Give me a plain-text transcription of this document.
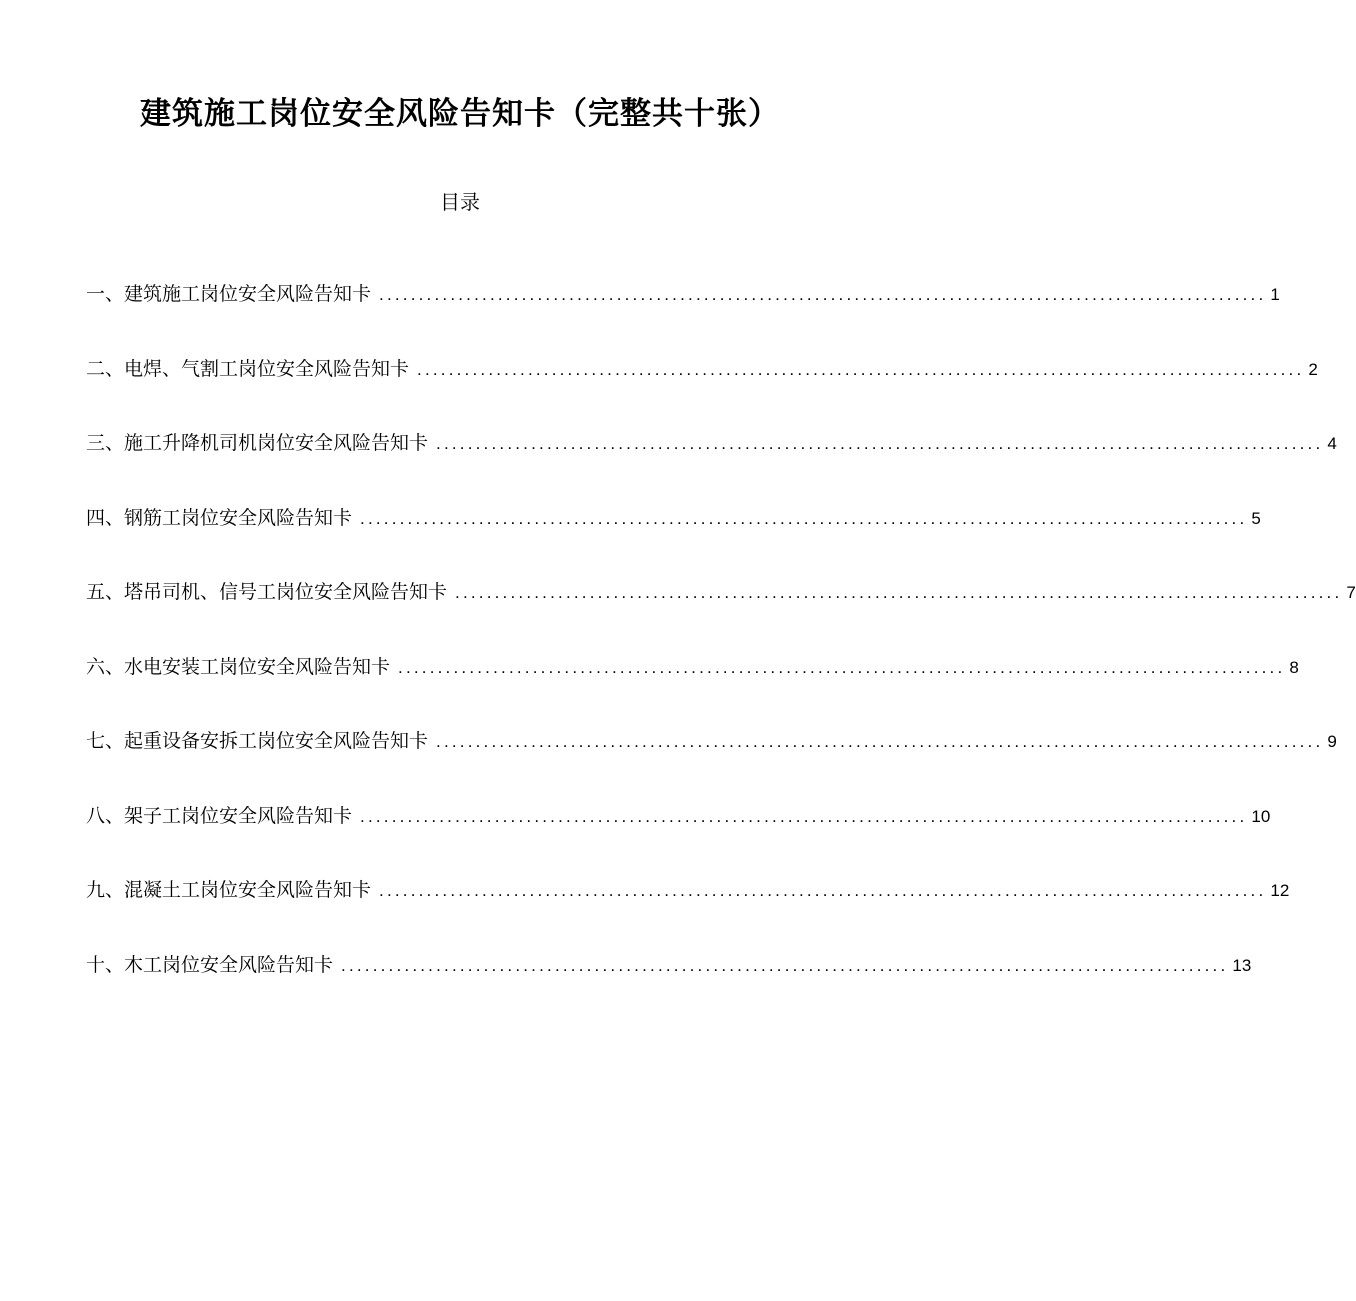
建筑施工岗位安全风险告知卡（完整共十张）
目录
一、建筑施工岗位安全风险告知卡 ................................................................................................................ 1
二、电焊、气割工岗位安全风险告知卡 ................................................................................................................ 2
三、施工升降机司机岗位安全风险告知卡 ................................................................................................................ 4
四、钢筋工岗位安全风险告知卡 ................................................................................................................ 5
五、塔吊司机、信号工岗位安全风险告知卡 ................................................................................................................ 7
六、水电安装工岗位安全风险告知卡 ................................................................................................................ 8
七、起重设备安拆工岗位安全风险告知卡 ................................................................................................................ 9
八、架子工岗位安全风险告知卡 ................................................................................................................ 10
九、混凝土工岗位安全风险告知卡 ................................................................................................................ 12
十、木工岗位安全风险告知卡 ................................................................................................................ 13
